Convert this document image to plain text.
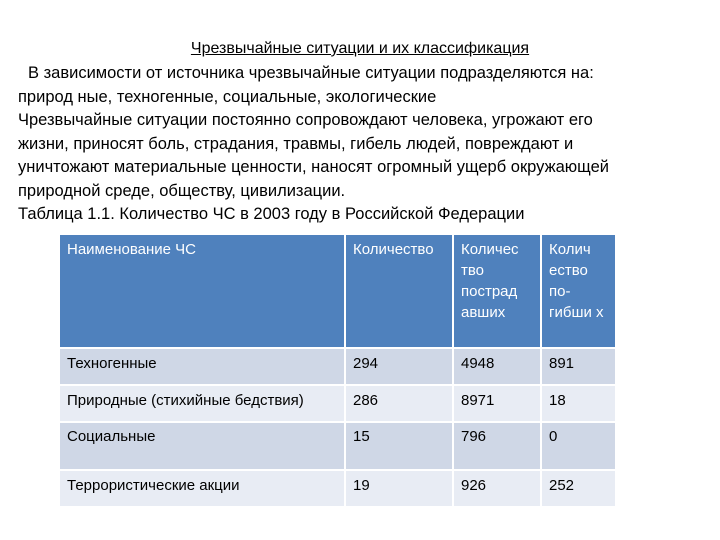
Чрезвычайные ситуации и их классификация
В зависимости от источника чрезвычайные ситуации подразделяются на:
природ ные, техногенные, социальные, экологические
Чрезвычайные ситуации постоянно сопровождают человека, угрожают его
жизни, приносят боль, страдания, травмы, гибель людей, повреждают и
уничтожают материальные ценности, наносят огромный ущерб окружающей
природной среде, обществу, цивилизации.
Таблица 1.1. Количество ЧС в 2003 году в Российской Федерации
Наименование ЧС	Количество	Количес тво пострад авших	Колич ество по- гибши х
Техногенные	294	4948	891
Природные (стихийные бедствия)	286	8971	18
Социальные	15	796	0
Террористические акции	19	926	252
